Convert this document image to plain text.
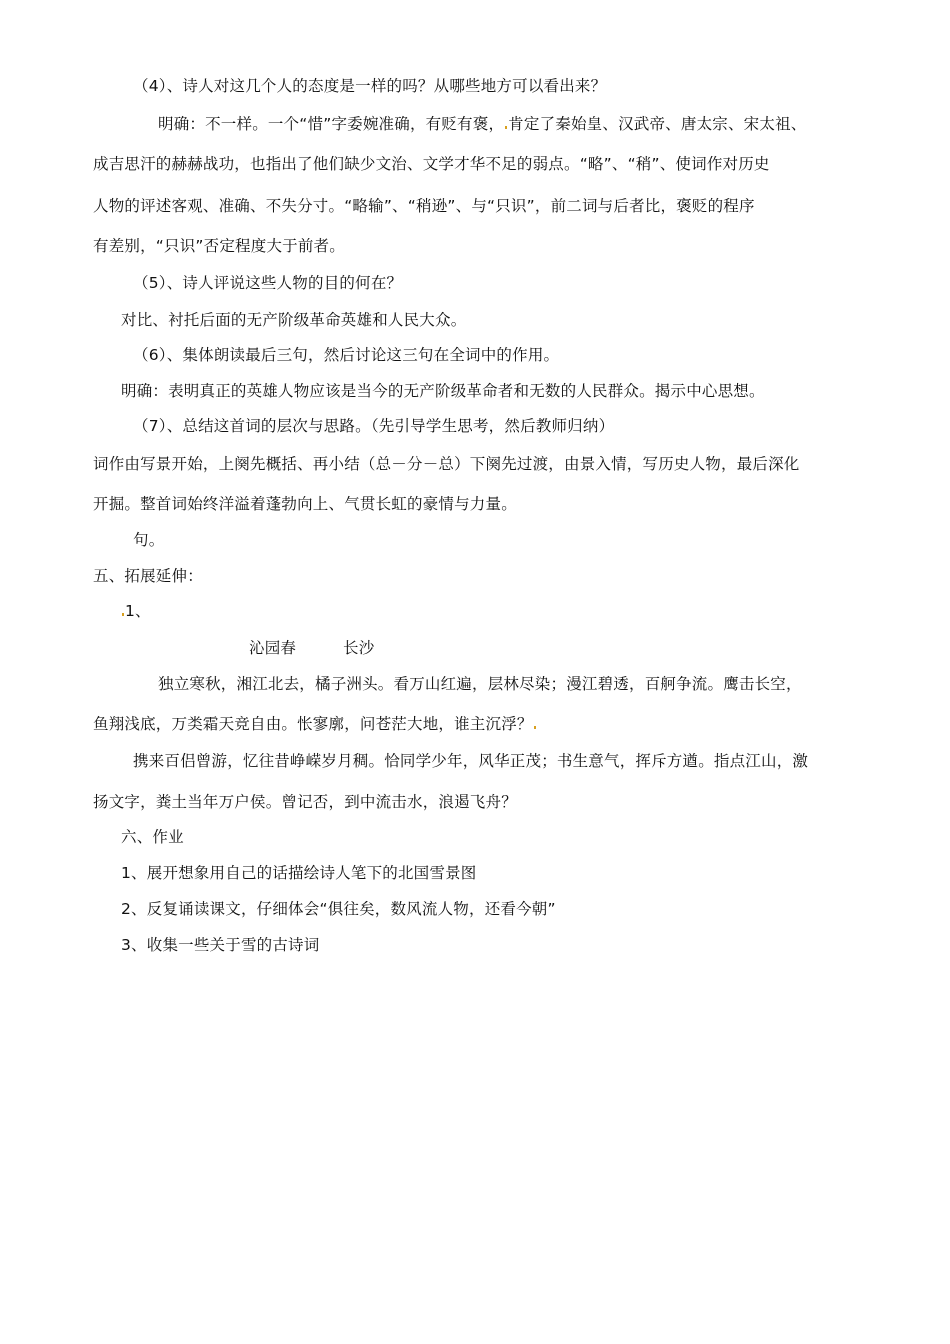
（4）、诗人对这几个人的态度是一样的吗？从哪些地方可以看出来？
明确：不一样。一个“惜”字委婉准确，有贬有褒， 肯定了秦始皇、汉武帝、唐太宗、宋太祖、
成吉思汗的赫赫战功，也指出了他们缺少文治、文学才华不足的弱点。“略”、“稍”、使词作对历史
人物的评述客观、准确、不失分寸。“略输”、“稍逊”、与“只识”，前二词与后者比，褒贬的程序
有差别，“只识”否定程度大于前者。
（5）、诗人评说这些人物的目的何在？
对比、衬托后面的无产阶级革命英雄和人民大众。
（6）、集体朗读最后三句，然后讨论这三句在全词中的作用。
明确：表明真正的英雄人物应该是当今的无产阶级革命者和无数的人民群众。揭示中心思想。
（7）、总结这首词的层次与思路。（先引导学生思考，然后教师归纳）
词作由写景开始，上阕先概括、再小结（总－分－总）下阕先过渡，由景入情，写历史人物，最后深化
开掘。整首词始终洋溢着蓬勃向上、气贯长虹的豪情与力量。
句。
五、拓展延伸：
1、
沁园春	长沙
独立寒秋，湘江北去，橘子洲头。看万山红遍，层林尽染；漫江碧透，百舸争流。鹰击长空，
鱼翔浅底，万类霜天竞自由。怅寥廓，问苍茫大地，谁主沉浮？
携来百侣曾游，忆往昔峥嵘岁月稠。恰同学少年，风华正茂；书生意气，挥斥方遒。指点江山，激
扬文字，粪土当年万户侯。曾记否，到中流击水，浪遏飞舟？
六、作业
1、展开想象用自己的话描绘诗人笔下的北国雪景图
2、反复诵读课文，仔细体会“俱往矣，数风流人物，还看今朝”
3、收集一些关于雪的古诗词
